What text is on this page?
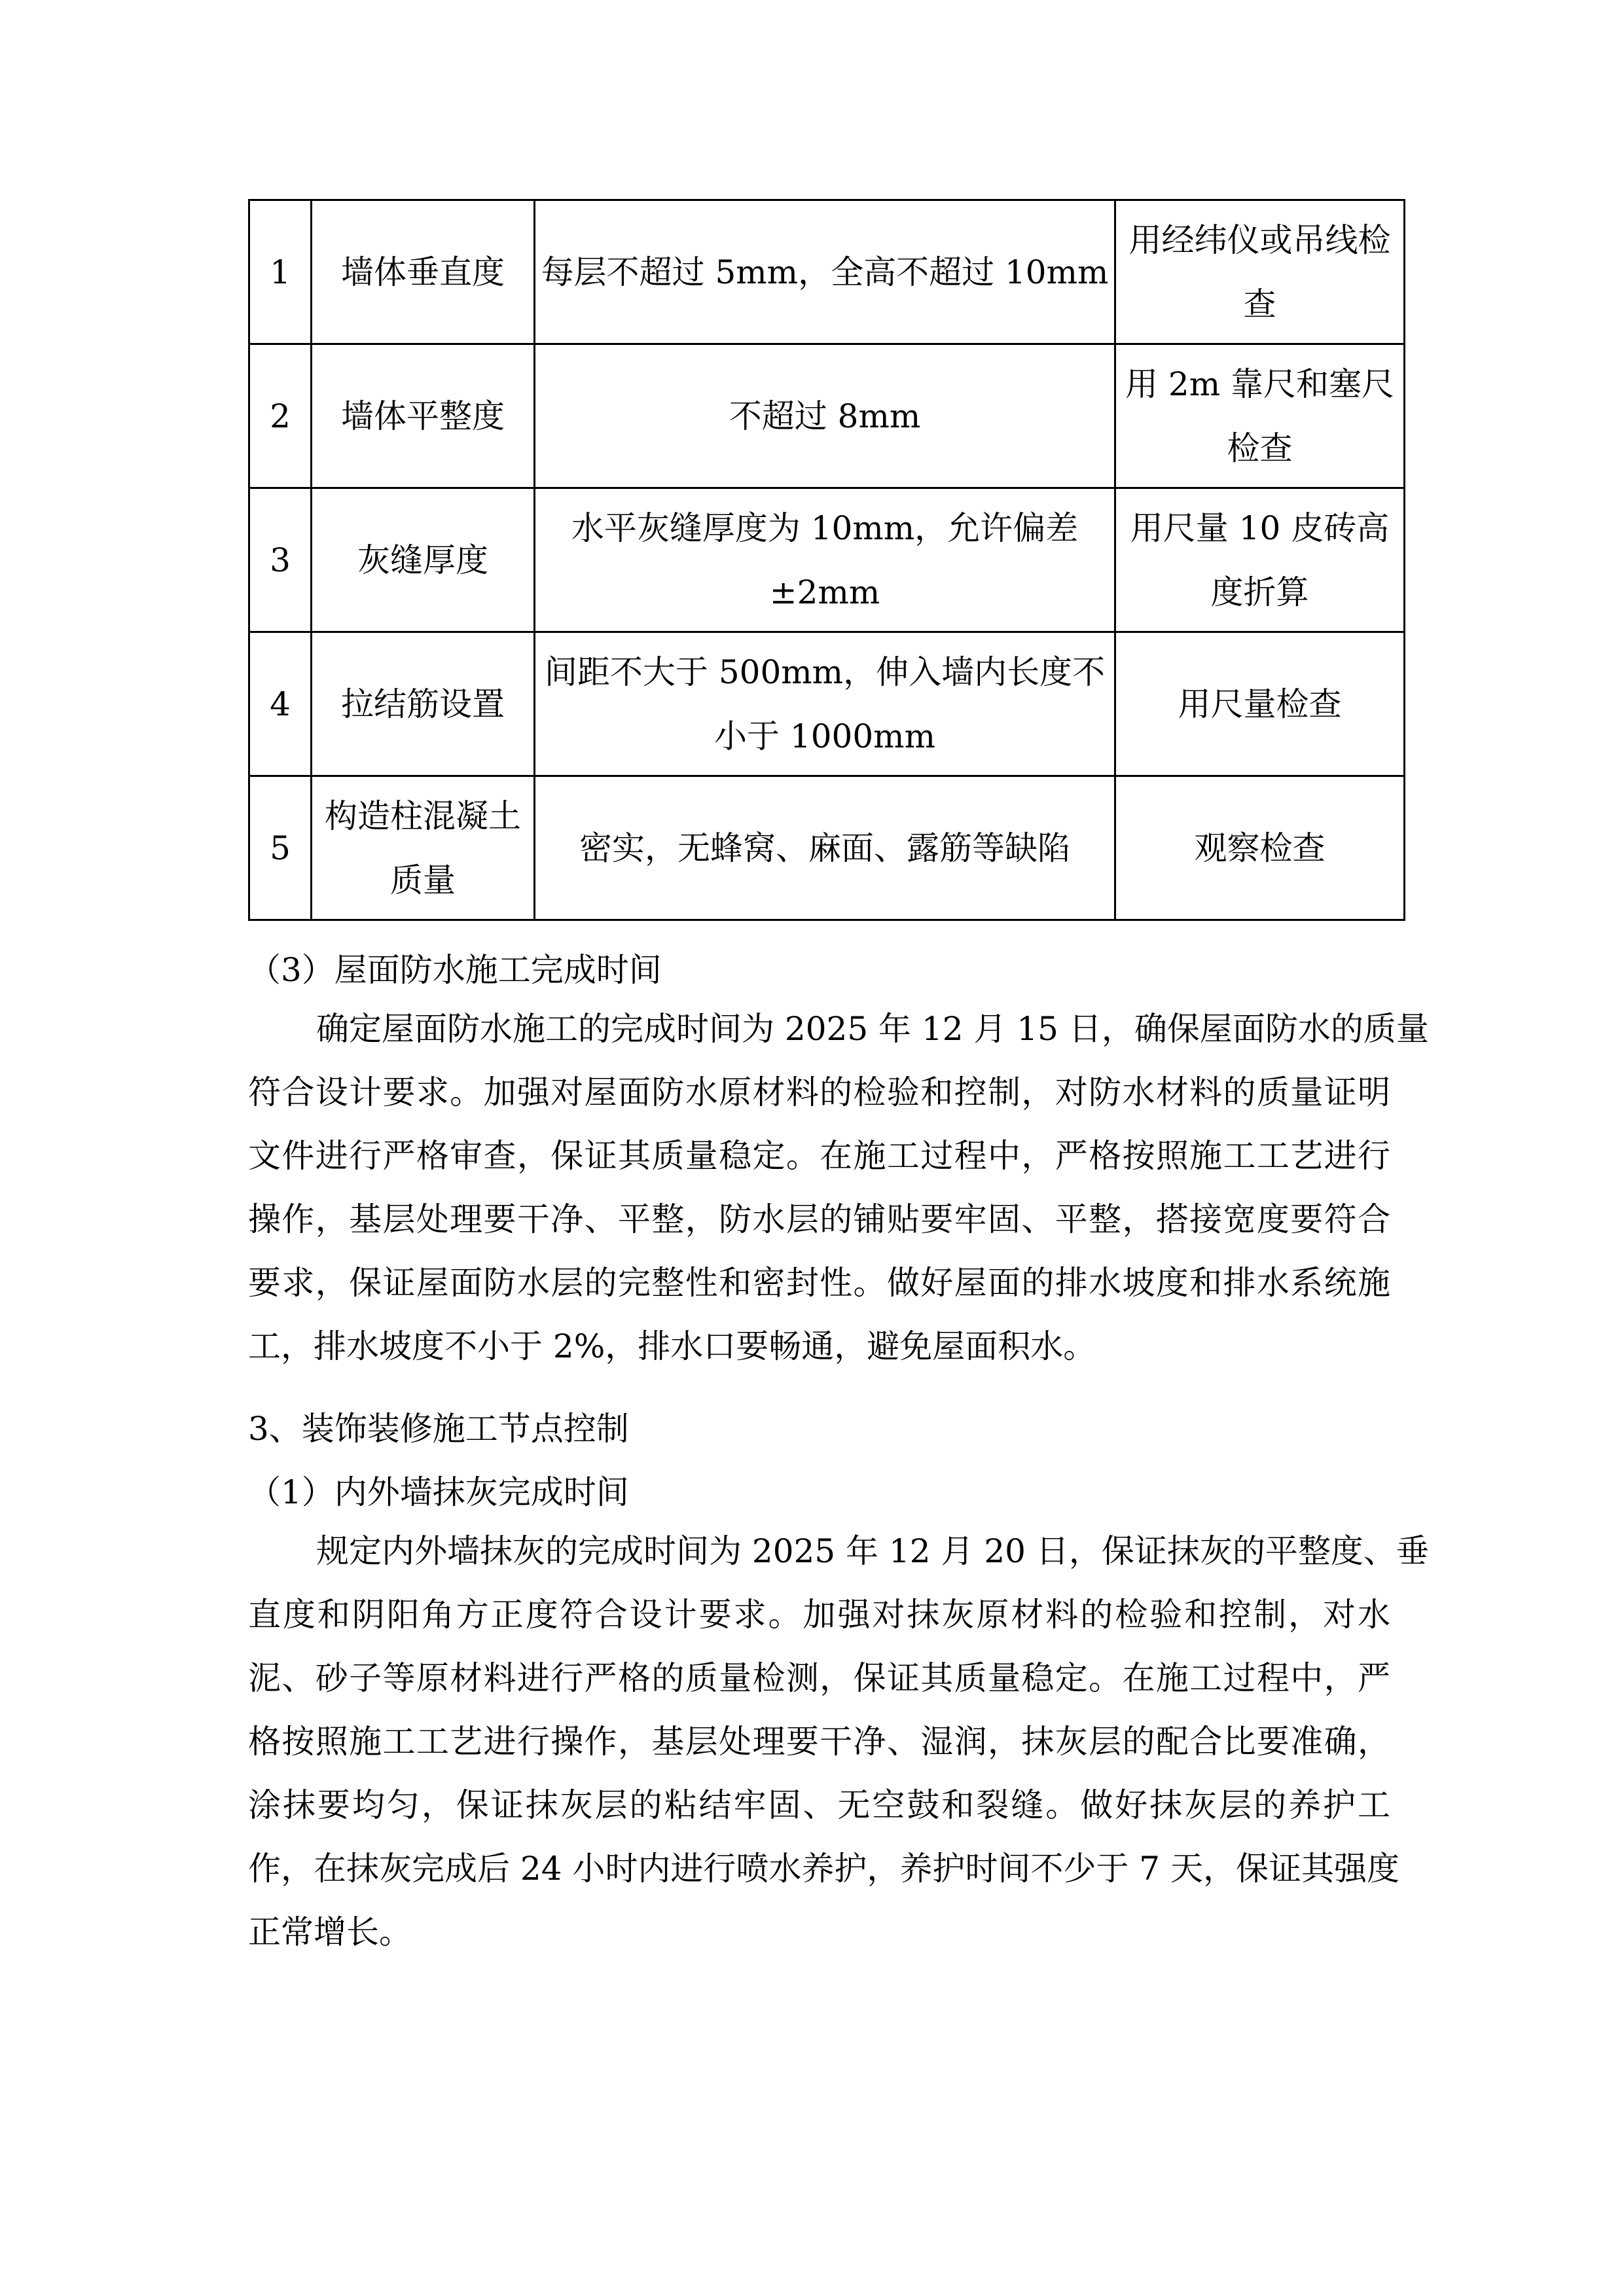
1	墙体垂直度	每层不超过 5mm，全高不超过 10mm	用经纬仪或吊线检查
2	墙体平整度	不超过 8mm	用 2m 靠尺和塞尺检查
3	灰缝厚度	水平灰缝厚度为 10mm，允许偏差±2mm	用尺量 10 皮砖高度折算
4	拉结筋设置	间距不大于 500mm，伸入墙内长度不小于 1000mm	用尺量检查
5	构造柱混凝土质量	密实，无蜂窝、麻面、露筋等缺陷	观察检查
（3）屋面防水施工完成时间
确定屋面防水施工的完成时间为 2025 年 12 月 15 日，确保屋面防水的质量
符合设计要求。加强对屋面防水原材料的检验和控制，对防水材料的质量证明
文件进行严格审查，保证其质量稳定。在施工过程中，严格按照施工工艺进行
操作，基层处理要干净、平整，防水层的铺贴要牢固、平整，搭接宽度要符合
要求，保证屋面防水层的完整性和密封性。做好屋面的排水坡度和排水系统施
工，排水坡度不小于 2%，排水口要畅通，避免屋面积水。
3、装饰装修施工节点控制
（1）内外墙抹灰完成时间
规定内外墙抹灰的完成时间为 2025 年 12 月 20 日，保证抹灰的平整度、垂
直度和阴阳角方正度符合设计要求。加强对抹灰原材料的检验和控制，对水
泥、砂子等原材料进行严格的质量检测，保证其质量稳定。在施工过程中，严
格按照施工工艺进行操作，基层处理要干净、湿润，抹灰层的配合比要准确，
涂抹要均匀，保证抹灰层的粘结牢固、无空鼓和裂缝。做好抹灰层的养护工
作，在抹灰完成后 24 小时内进行喷水养护，养护时间不少于 7 天，保证其强度
正常增长。
